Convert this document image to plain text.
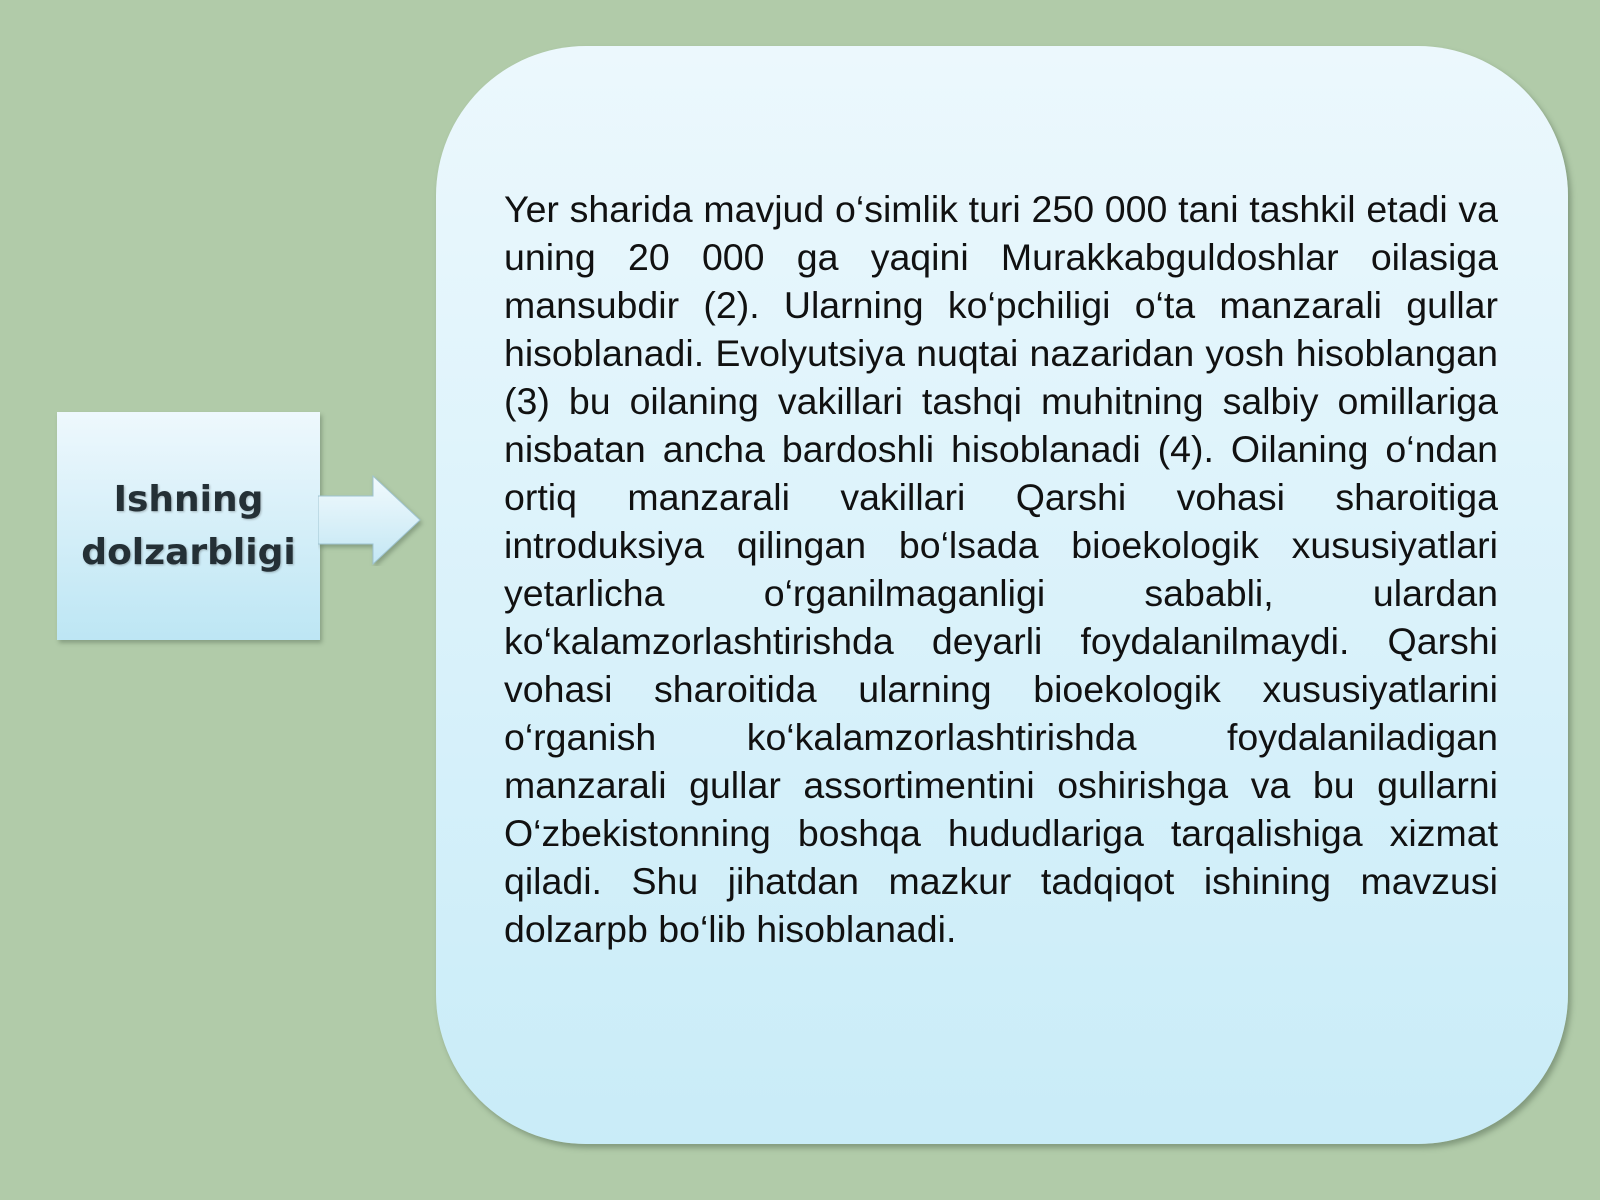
Ishning dolzarbligi

Yer sharida mavjud o‘simlik turi 250 000 tani tashkil etadi va uning 20 000 ga yaqini Murakkabguldoshlar oilasiga mansubdir (2). Ularning ko‘pchiligi o‘ta manzarali gullar hisoblanadi. Evolyutsiya nuqtai nazaridan yosh hisoblangan (3) bu oilaning vakillari tashqi muhitning salbiy omillariga nisbatan ancha bardoshli hisoblanadi (4). Oilaning o‘ndan ortiq manzarali vakillari Qarshi vohasi sharoitiga introduksiya qilingan bo‘lsada bioekologik xususiyatlari yetarlicha o‘rganilmaganligi sababli, ulardan ko‘kalamzorlashtirishda deyarli foydalanilmaydi. Qarshi vohasi sharoitida ularning bioekologik xususiyatlarini o‘rganish ko‘kalamzorlashtirishda foydalaniladigan manzarali gullar assortimentini oshirishga va bu gullarni O‘zbekistonning boshqa hududlariga tarqalishiga xizmat qiladi. Shu jihatdan mazkur tadqiqot ishining mavzusi dolzarpb bo‘lib hisoblanadi.
